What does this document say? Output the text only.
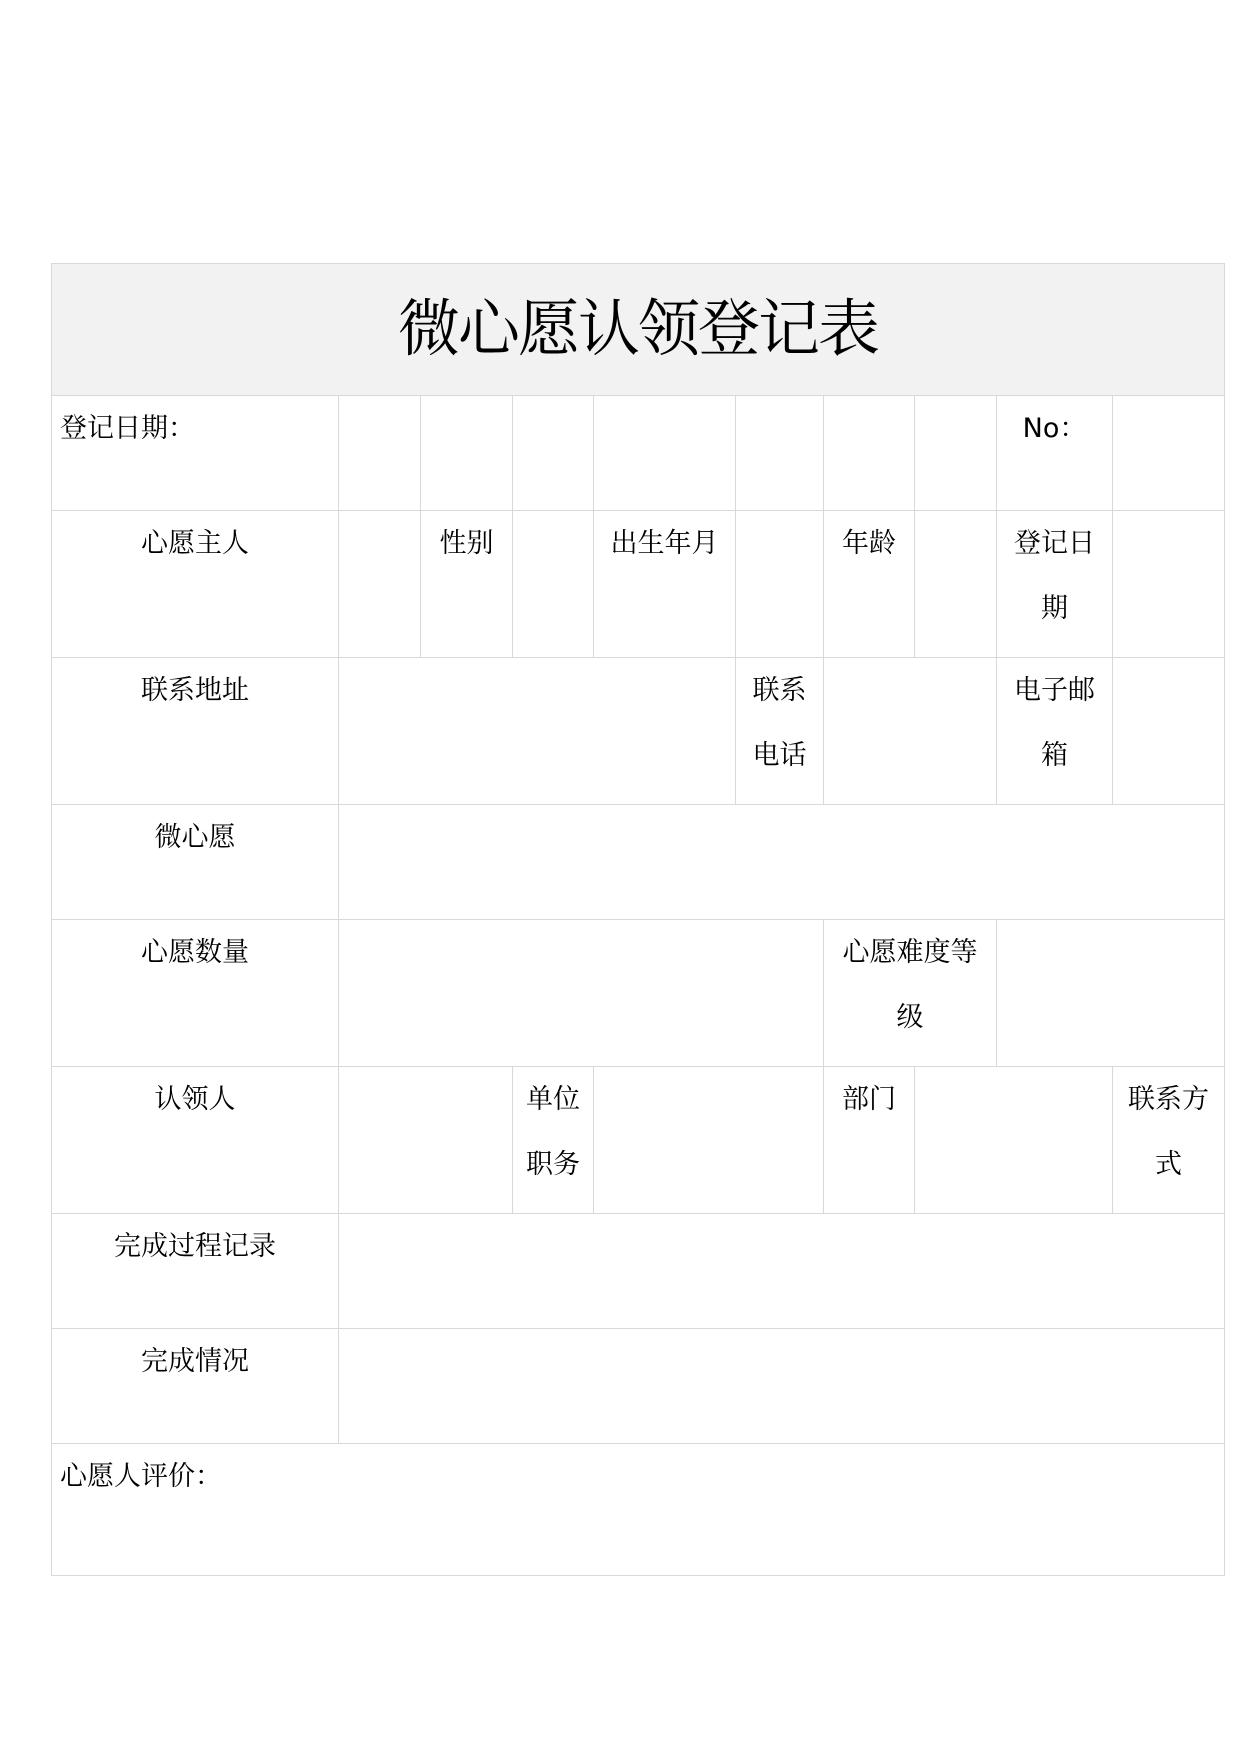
微心愿认领登记表									
登记日期：								No：	
心愿主人		性别		出生年月		年龄		登记日期	
联系地址					联系电话			电子邮箱	
微心愿									
心愿数量						心愿难度等级			
认领人			单位职务			部门			联系方式
完成过程记录									
完成情况									
心愿人评价：									
